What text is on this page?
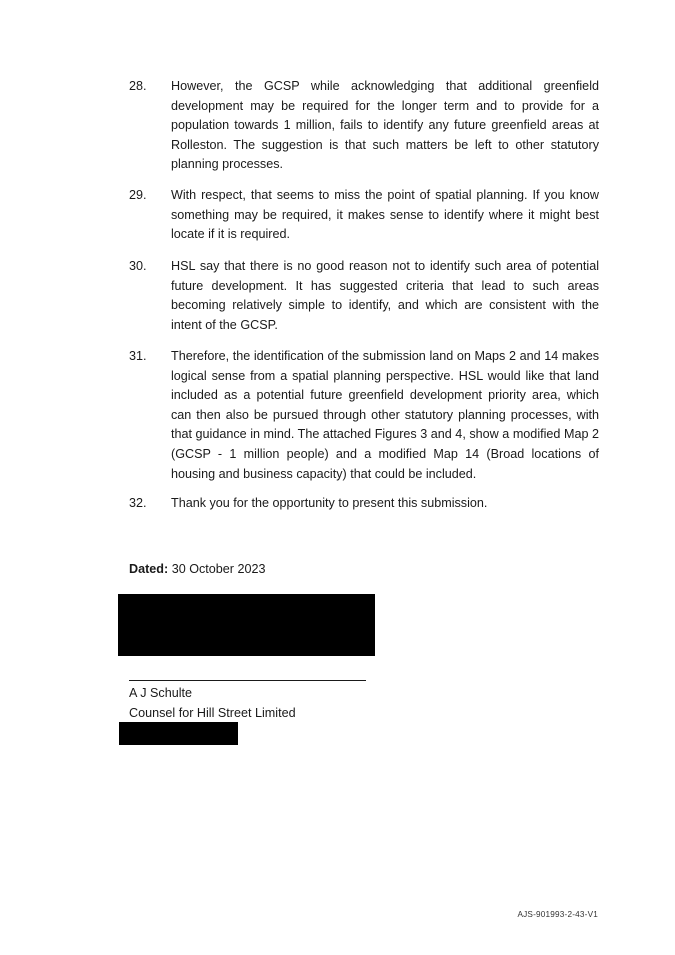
28.	However, the GCSP while acknowledging that additional greenfield development may be required for the longer term and to provide for a population towards 1 million, fails to identify any future greenfield areas at Rolleston. The suggestion is that such matters be left to other statutory planning processes.
29.	With respect, that seems to miss the point of spatial planning. If you know something may be required, it makes sense to identify where it might best locate if it is required.
30.	HSL say that there is no good reason not to identify such area of potential future development. It has suggested criteria that lead to such areas becoming relatively simple to identify, and which are consistent with the intent of the GCSP.
31.	Therefore, the identification of the submission land on Maps 2 and 14 makes logical sense from a spatial planning perspective. HSL would like that land included as a potential future greenfield development priority area, which can then also be pursued through other statutory planning processes, with that guidance in mind. The attached Figures 3 and 4, show a modified Map 2 (GCSP - 1 million people) and a modified Map 14 (Broad locations of housing and business capacity) that could be included.
32.	Thank you for the opportunity to present this submission.
Dated: 30 October 2023
A J Schulte
Counsel for Hill Street Limited
AJS-901993-2-43-V1
